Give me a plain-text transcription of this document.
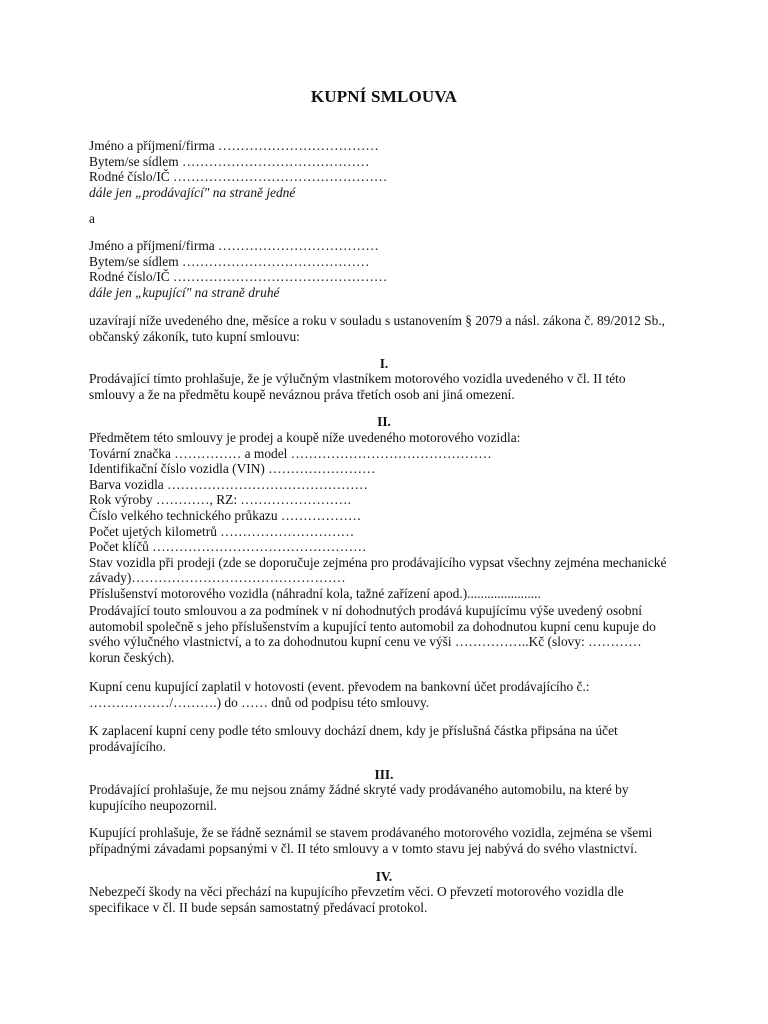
KUPNÍ SMLOUVA
Jméno a příjmení/firma ………………………………
Bytem/se sídlem ……………………………………
Rodné číslo/IČ …………………………………………
dále jen „prodávající" na straně jedné
a
Jméno a příjmení/firma ………………………………
Bytem/se sídlem ……………………………………
Rodné číslo/IČ …………………………………………
dále jen „kupující" na straně druhé
uzavírají níže uvedeného dne, měsíce a roku v souladu s ustanovením § 2079 a násl. zákona č. 89/2012 Sb.,
občanský zákoník, tuto kupní smlouvu:
I.
Prodávající tímto prohlašuje, že je výlučným vlastníkem motorového vozidla uvedeného v čl. II této
smlouvy a že na předmětu koupě neváznou práva třetích osob ani jiná omezení.
II.
Předmětem této smlouvy je prodej a koupě níže uvedeného motorového vozidla:
Tovární značka …………… a model ………………………………………
Identifikační číslo vozidla (VIN) ……………………
Barva vozidla ………………………………………
Rok výroby …………, RZ: …………………….
Číslo velkého technického průkazu ………………
Počet ujetých kilometrů …………………………
Počet klíčů …………………………………………
Stav vozidla při prodeji (zde se doporučuje zejména pro prodávajícího vypsat všechny zejména mechanické
závady)…………………………………………
Příslušenství motorového vozidla (náhradní kola, tažné zařízení apod.)......................
Prodávající touto smlouvou a za podmínek v ní dohodnutých prodává kupujícímu výše uvedený osobní
automobil společně s jeho příslušenstvím a kupující tento automobil za dohodnutou kupní cenu kupuje do
svého výlučného vlastnictví, a to za dohodnutou kupní cenu ve výši ……………..Kč (slovy: …………
korun českých).
Kupní cenu kupující zaplatil v hotovosti (event. převodem na bankovní účet prodávajícího č.:
………………/……….) do …… dnů od podpisu této smlouvy.
K zaplacení kupní ceny podle této smlouvy dochází dnem, kdy je příslušná částka připsána na účet
prodávajícího.
III.
Prodávající prohlašuje, že mu nejsou známy žádné skryté vady prodávaného automobilu, na které by
kupujícího neupozornil.
Kupující prohlašuje, že se řádně seznámil se stavem prodávaného motorového vozidla, zejména se všemi
případnými závadami popsanými v čl. II této smlouvy a v tomto stavu jej nabývá do svého vlastnictví.
IV.
Nebezpečí škody na věci přechází na kupujícího převzetím věci. O převzetí motorového vozidla dle
specifikace v čl. II bude sepsán samostatný předávací protokol.
